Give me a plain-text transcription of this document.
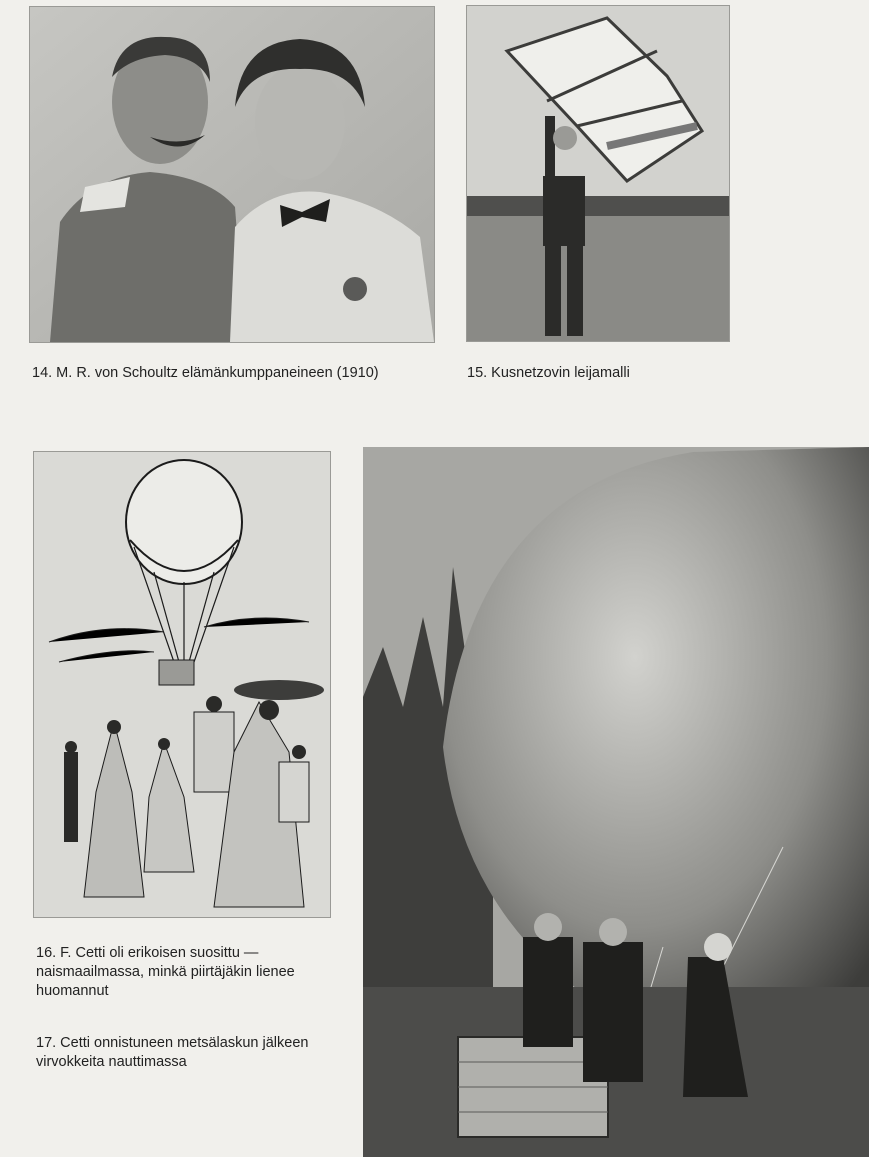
14. M. R. von Schoultz elämänkumppaneineen (1910)	15. Kusnetzovin leijamalli
16. F. Cetti oli erikoisen suosittu — naismaailmassa, minkä piirtäjäkin lienee huomannut
17. Cetti onnistuneen metsälaskun jälkeen virvokkeita nauttimassa
